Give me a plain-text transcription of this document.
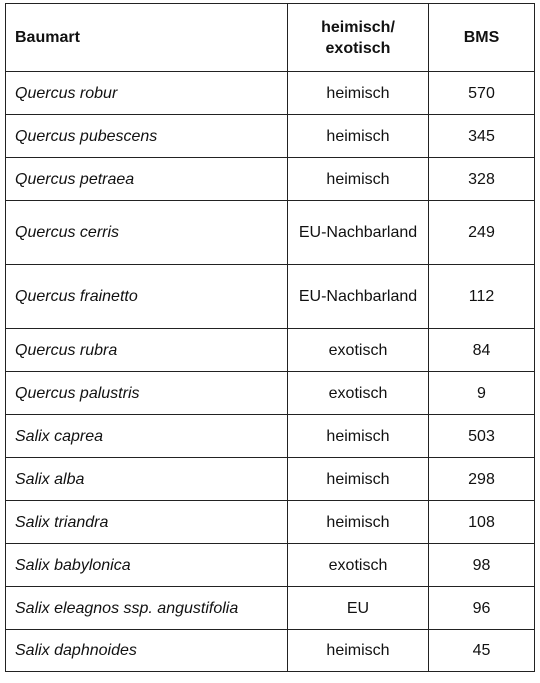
Baumart	heimisch/ exotisch	BMS
Quercus robur	heimisch	570
Quercus pubescens	heimisch	345
Quercus petraea	heimisch	328
Quercus cerris	EU-Nachbarland	249
Quercus frainetto	EU-Nachbarland	112
Quercus rubra	exotisch	84
Quercus palustris	exotisch	9
Salix caprea	heimisch	503
Salix alba	heimisch	298
Salix triandra	heimisch	108
Salix babylonica	exotisch	98
Salix eleagnos ssp. angustifolia	EU	96
Salix daphnoides	heimisch	45
